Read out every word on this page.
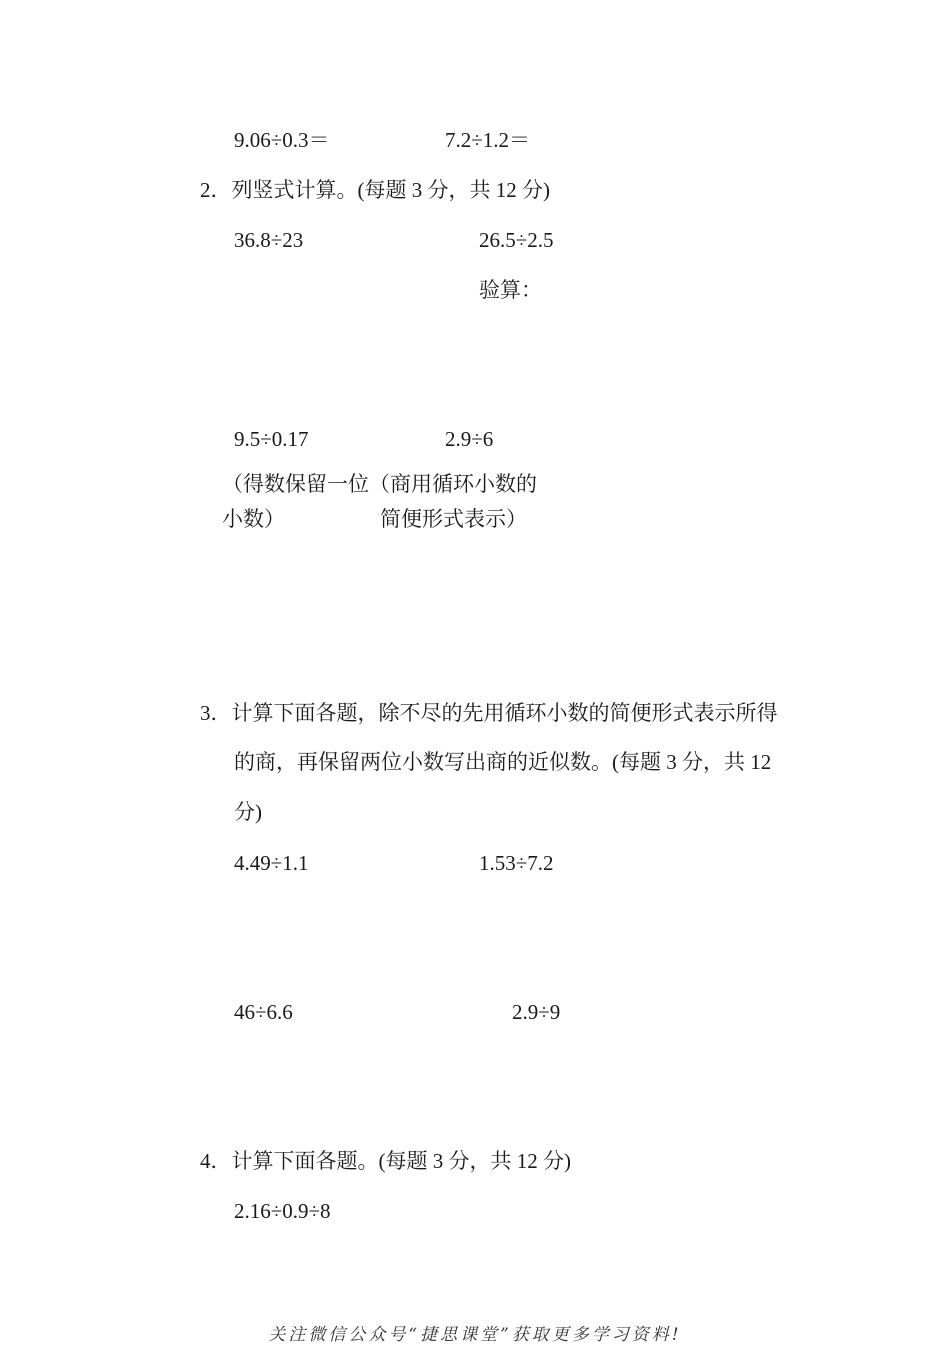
9.06÷0.3＝	7.2÷1.2＝
2．列竖式计算。(每题 3 分，共 12 分)
36.8÷23	26.5÷2.5
验算：
9.5÷0.17	2.9÷6
（得数保留一位（商用循环小数的
小数）	简便形式表示）
3．计算下面各题，除不尽的先用循环小数的简便形式表示所得
的商，再保留两位小数写出商的近似数。(每题 3 分，共 12
分)
4.49÷1.1	1.53÷7.2
46÷6.6	2.9÷9
4．计算下面各题。(每题 3 分，共 12 分)
2.16÷0.9÷8
关注微信公众号“捷思课堂”获取更多学习资料!
